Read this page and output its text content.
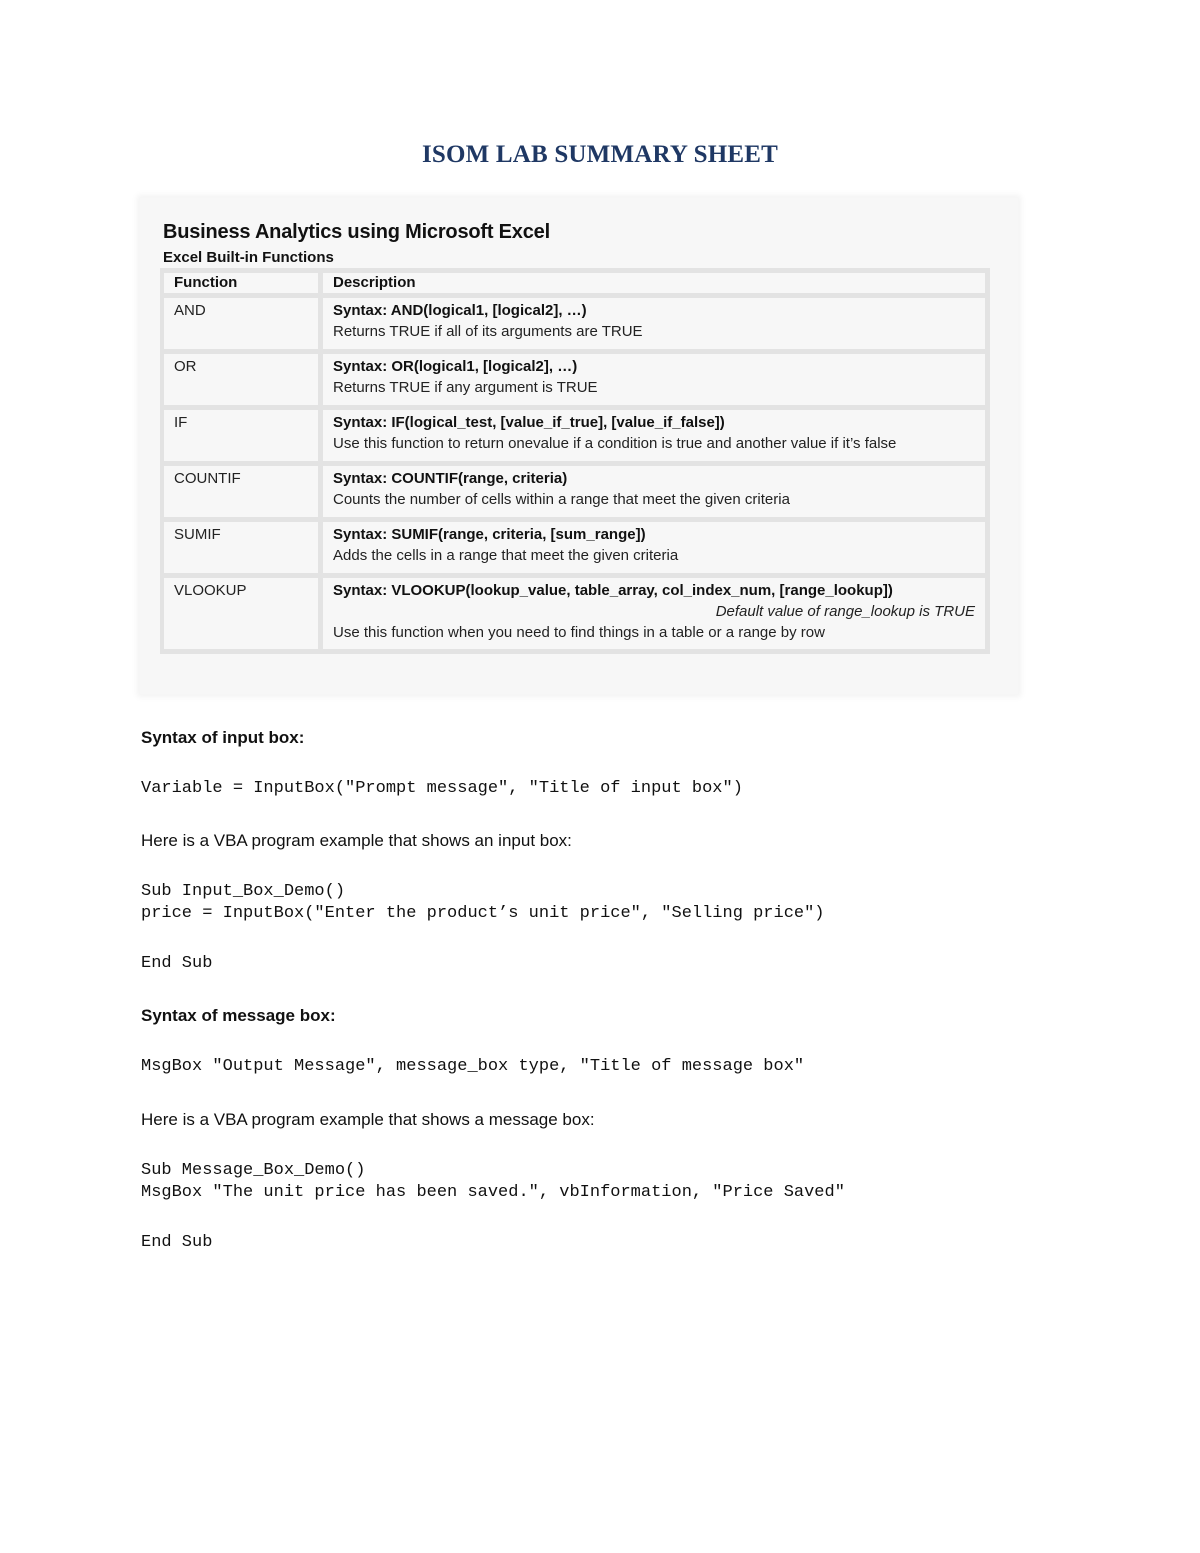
ISOM LAB SUMMARY SHEET
Business Analytics using Microsoft Excel
Excel Built-in Functions
Function	Description
AND	Syntax: AND(logical1, [logical2], …)
Returns TRUE if all of its arguments are TRUE

OR	Syntax: OR(logical1, [logical2], …)
Returns TRUE if any argument is TRUE

IF	Syntax: IF(logical_test, [value_if_true], [value_if_false])
Use this function to return onevalue if a condition is true and another value if it’s false

COUNTIF	Syntax: COUNTIF(range, criteria)
Counts the number of cells within a range that meet the given criteria

SUMIF	Syntax: SUMIF(range, criteria, [sum_range])
Adds the cells in a range that meet the given criteria

VLOOKUP	Syntax: VLOOKUP(lookup_value, table_array, col_index_num, [range_lookup])
Default value of range_lookup is TRUE
Use this function when you need to find things in a table or a range by row
Syntax of input box:
Variable = InputBox("Prompt message", "Title of input box")
Here is a VBA program example that shows an input box:
Sub Input_Box_Demo()
price = InputBox("Enter the product’s unit price", "Selling price")
End Sub
Syntax of message box:
MsgBox "Output Message", message_box type, "Title of message box"
Here is a VBA program example that shows a message box:
Sub Message_Box_Demo()
MsgBox "The unit price has been saved.", vbInformation, "Price Saved"
End Sub
